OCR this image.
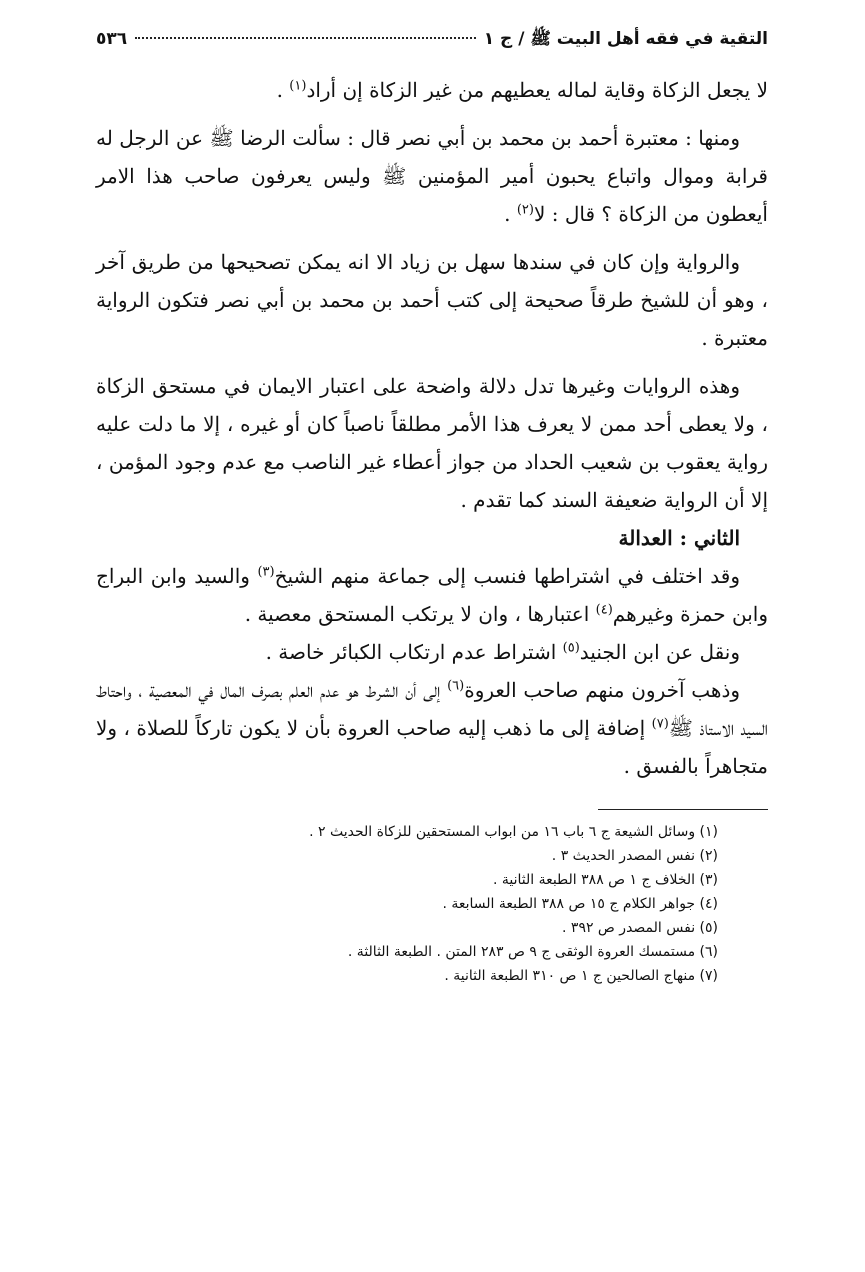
التقية في فقه أهل البيت ﷺ / ج ١
٥٣٦

لا يجعل الزكاة وقاية لماله يعطيهم من غير الزكاة إن أراد$^{(١)}$ .

ومنها : معتبرة أحمد بن محمد بن أبي نصر قال : سألت الرضا ﷺ عن الرجل له قرابة وموال واتباع يحبون أمير المؤمنين ﷺ وليس يعرفون صاحب هذا الامر أيعطون من الزكاة ؟ قال : لا$^{(٢)}$ .

والرواية وإن كان في سندها سهل بن زياد الا انه يمكن تصحيحها من طريق آخر ، وهو أن للشيخ طرقاً صحيحة إلى كتب أحمد بن محمد بن أبي نصر فتكون الرواية معتبرة .

وهذه الروايات وغيرها تدل دلالة واضحة على اعتبار الايمان في مستحق الزكاة ، ولا يعطى أحد ممن لا يعرف هذا الأمر مطلقاً ناصباً كان أو غيره ، إلا ما دلت عليه رواية يعقوب بن شعيب الحداد من جواز أعطاء غير الناصب مع عدم وجود المؤمن ، إلا أن الرواية ضعيفة السند كما تقدم .

الثاني : العدالة

وقد اختلف في اشتراطها فنسب إلى جماعة منهم الشيخ$^{(٣)}$ والسيد وابن البراج وابن حمزة وغيرهم$^{(٤)}$ اعتبارها ، وان لا يرتكب المستحق معصية .

ونقل عن ابن الجنيد$^{(٥)}$ اشتراط عدم ارتكاب الكبائر خاصة .

وذهب آخرون منهم صاحب العروة$^{(٦)}$ إلى أن الشرط هو عدم العلم بصرف المال في المعصية ، واحتاط السيد الاستاذ ﷺ$^{(٧)}$ إضافة إلى ما ذهب إليه صاحب العروة بأن لا يكون تاركاً للصلاة ، ولا متجاهراً بالفسق .

(١) وسائل الشيعة ج ٦ باب ١٦ من ابواب المستحقين للزكاة الحديث ٢ .
(٢) نفس المصدر الحديث ٣ .
(٣) الخلاف ج ١ ص ٣٨٨ الطبعة الثانية .
(٤) جواهر الكلام ج ١٥ ص ٣٨٨ الطبعة السابعة .
(٥) نفس المصدر ص ٣٩٢ .
(٦) مستمسك العروة الوثقى ج ٩ ص ٢٨٣ المتن . الطبعة الثالثة .
(٧) منهاج الصالحين ج ١ ص ٣١٠ الطبعة الثانية .
